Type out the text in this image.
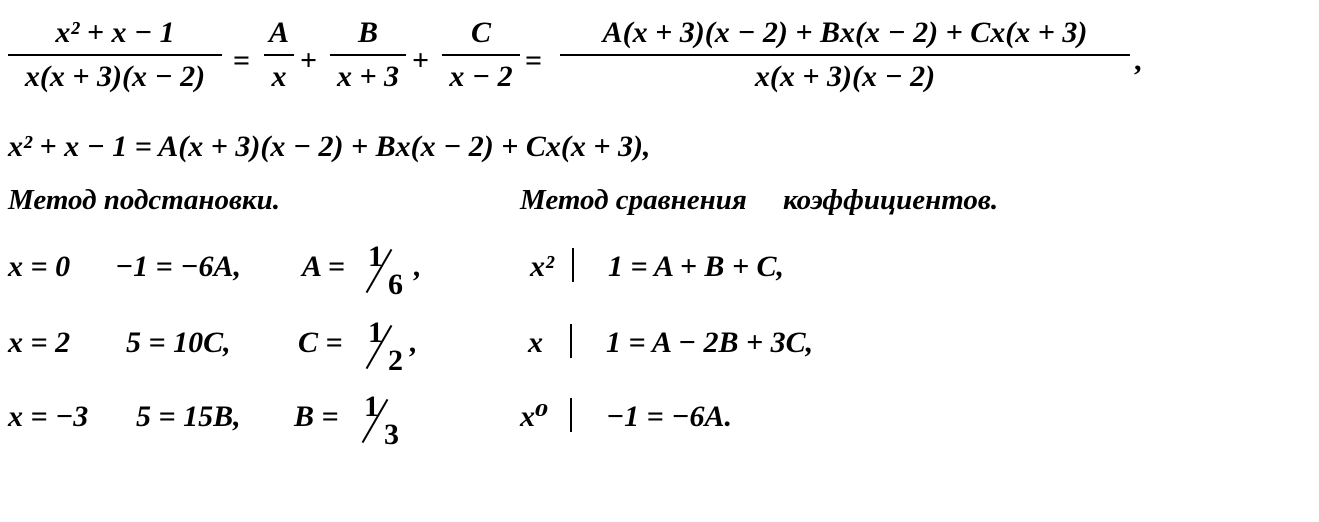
x² + x − 1
x(x + 3)(x − 2) =
A
x +
B
x + 3 +
C
x − 2 =
A(x + 3)(x − 2) + Bx(x − 2) + Cx(x + 3)
x(x + 3)(x − 2)	,
x² + x − 1 = A(x + 3)(x − 2) + Bx(x − 2) + Cx(x + 3),
Метод подстановки.	Метод сравнения     коэффициентов.
x = 0 −1 = −6A, A = 1
6
,
x = 2 5 = 10C, C = 1
2
,
x = −3 5 = 15B, B = 1
3
x² 1 = A + B + C,
x 1 = A − 2B + 3C,
x⁰ −1 = −6A.
